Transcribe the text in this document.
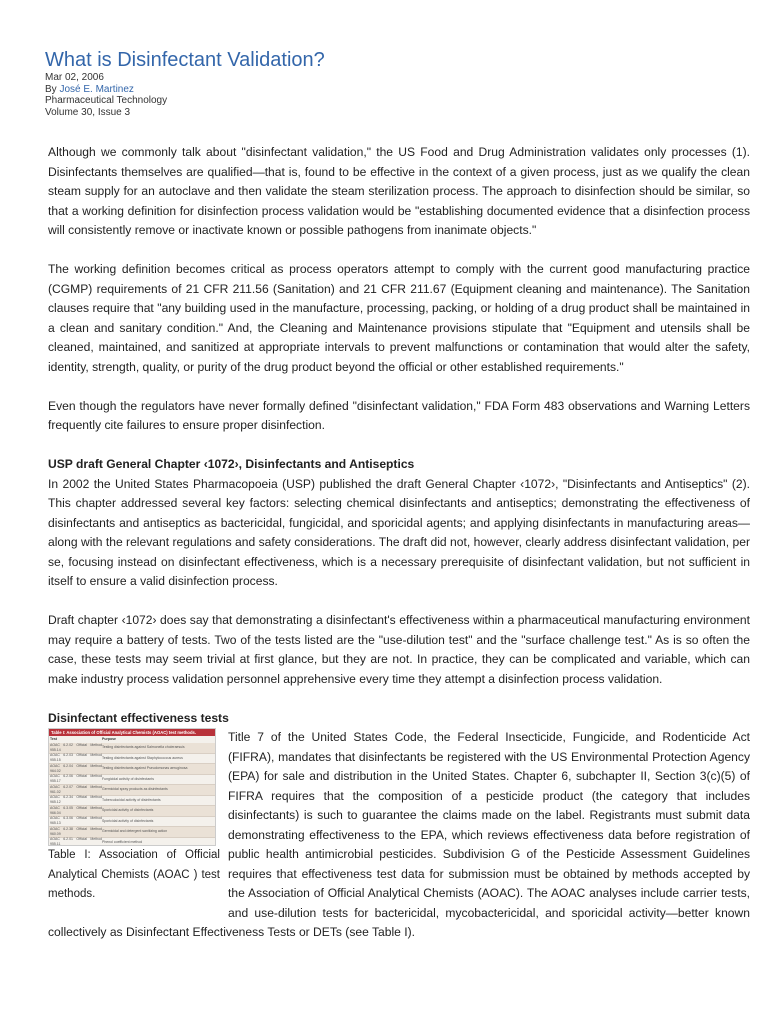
What is Disinfectant Validation?
Mar 02, 2006
By José E. Martinez
Pharmaceutical Technology
Volume 30, Issue 3

Although we commonly talk about "disinfectant validation," the US Food and Drug Administration validates only processes (1). Disinfectants themselves are qualified—that is, found to be effective in the context of a given process, just as we qualify the clean steam supply for an autoclave and then validate the steam sterilization process. The approach to disinfection should be similar, so that a working definition for disinfection process validation would be "establishing documented evidence that a disinfection process will consistently remove or inactivate known or possible pathogens from inanimate objects."

The working definition becomes critical as process operators attempt to comply with the current good manufacturing practice (CGMP) requirements of 21 CFR 211.56 (Sanitation) and 21 CFR 211.67 (Equipment cleaning and maintenance). The Sanitation clauses require that "any building used in the manufacture, processing, packing, or holding of a drug product shall be maintained in a clean and sanitary condition." And, the Cleaning and Maintenance provisions stipulate that "Equipment and utensils shall be cleaned, maintained, and sanitized at appropriate intervals to prevent malfunctions or contamination that would alter the safety, identity, strength, quality, or purity of the drug product beyond the official or other established requirements."

Even though the regulators have never formally defined "disinfectant validation," FDA Form 483 observations and Warning Letters frequently cite failures to ensure proper disinfection.

USP draft General Chapter ‹1072›, Disinfectants and Antiseptics

In 2002 the United States Pharmacopoeia (USP) published the draft General Chapter ‹1072›, "Disinfectants and Antiseptics" (2). This chapter addressed several key factors: selecting chemical disinfectants and antiseptics; demonstrating the effectiveness of disinfectants and antiseptics as bactericidal, fungicidal, and sporicidal agents; and applying disinfectants in manufacturing areas—along with the relevant regulations and safety considerations. The draft did not, however, clearly address disinfectant validation, per se, focusing instead on disinfectant effectiveness, which is a necessary prerequisite of disinfectant validation, but not sufficient in itself to ensure a valid disinfection process.

Draft chapter ‹1072› does say that demonstrating a disinfectant's effectiveness within a pharmaceutical manufacturing environment may require a battery of tests. Two of the tests listed are the "use-dilution test" and the "surface challenge test." As is so often the case, these tests may seem trivial at first glance, but they are not. In practice, they can be complicated and variable, which can make industry process validation personnel apprehensive every time they attempt a disinfection process validation.

Disinfectant effectiveness tests
Table I: Association of Official Analytical Chemists (AOAC) test methods.
Test	Purpose
AOAC 6.2.02 Official Method 955.14
Testing disinfectants against Salmonella choleraesuis
AOAC 6.2.03 Official Method 955.15
Testing disinfectants against Staphylococcus aureus
AOAC 6.2.04 Official Method 964.02
Testing disinfectants against Pseudomonas aeruginosa
AOAC 6.2.06 Official Method 955.17
Fungicidal activity of disinfectants
AOAC 6.2.07 Official Method 961.02
Germicidal spray products as disinfectants
AOAC 6.2.34 Official Method 965.12
Tuberculocidal activity of disinfectants
AOAC 6.3.05 Official Method 966.04
Sporicidal activity of disinfectants
AOAC 6.3.06 Official Method 965.13
Sporicidal activity of disinfectants
AOAC 6.2.38 Official Method 960.09
Germicidal and detergent sanitizing action
AOAC 6.2.01 Official Method 955.11
Phenol coefficient method
Table I: Association of Official Analytical Chemists (AOAC ) test methods.

Title 7 of the United States Code, the Federal Insecticide, Fungicide, and Rodenticide Act (FIFRA), mandates that disinfectants be registered with the US Environmental Protection Agency (EPA) for sale and distribution in the United States. Chapter 6, subchapter II, Section 3(c)(5) of FIFRA requires that the composition of a pesticide product (the category that includes disinfectants) is such to guarantee the claims made on the label. Registrants must submit data demonstrating effectiveness to the EPA, which reviews effectiveness data before registration of public health antimicrobial pesticides. Subdivision G of the Pesticide Assessment Guidelines requires that effectiveness test data for submission must be obtained by methods accepted by the Association of Official Analytical Chemists (AOAC). The AOAC analyses include carrier tests, and use-dilution tests for bactericidal, mycobactericidal, and sporicidal activity—better known collectively as Disinfectant Effectiveness Tests or DETs (see Table I).
